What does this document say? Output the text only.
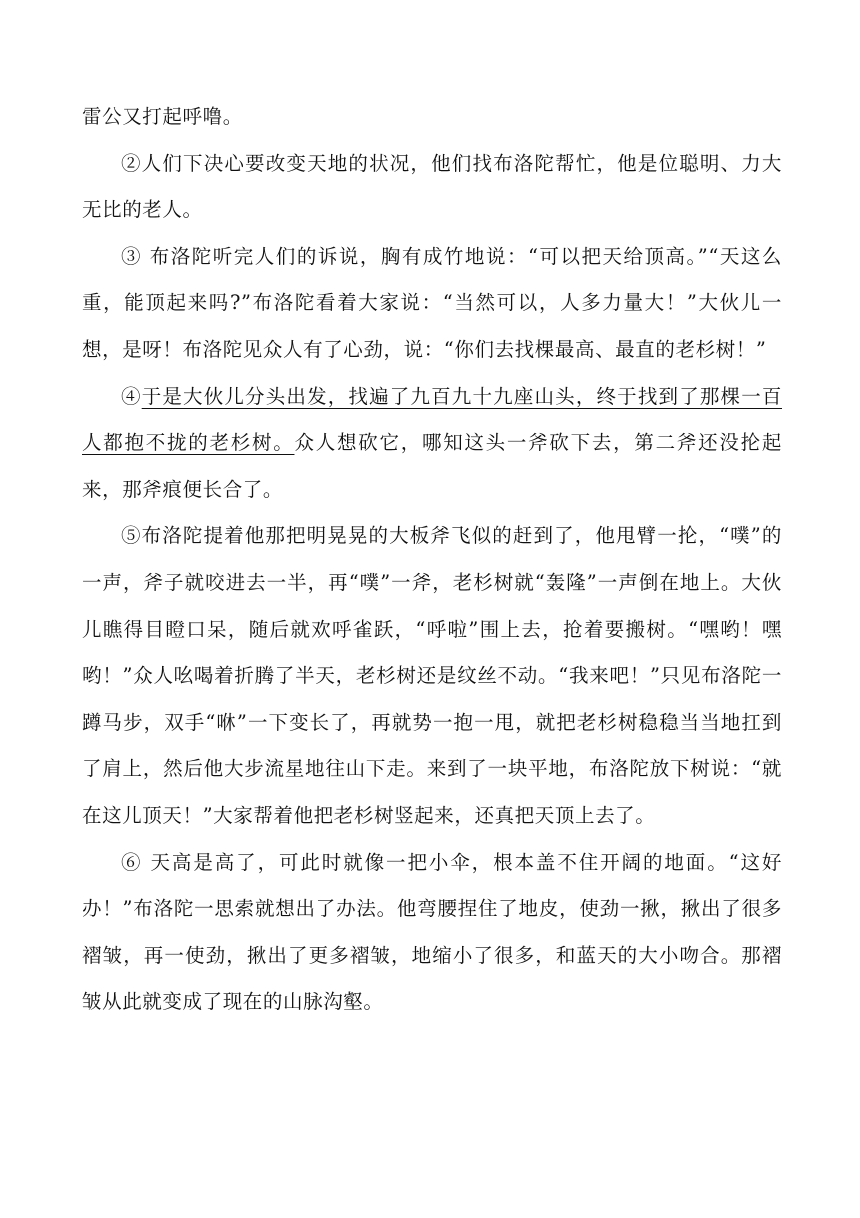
雷公又打起呼噜。

②人们下决心要改变天地的状况，他们找布洛陀帮忙，他是位聪明、力大无比的老人。

③ 布洛陀听完人们的诉说，胸有成竹地说：“可以把天给顶高。”“天这么重，能顶起来吗?”布洛陀看着大家说：“当然可以，人多力量大！”大伙儿一想，是呀！布洛陀见众人有了心劲，说：“你们去找棵最高、最直的老杉树！”

④于是大伙儿分头出发，找遍了九百九十九座山头，终于找到了那棵一百人都抱不拢的老杉树。众人想砍它，哪知这头一斧砍下去，第二斧还没抡起来，那斧痕便长合了。

⑤布洛陀提着他那把明晃晃的大板斧飞似的赶到了，他甩臂一抡，“噗”的一声，斧子就咬进去一半，再“噗”一斧，老杉树就“轰隆”一声倒在地上。大伙儿瞧得目瞪口呆，随后就欢呼雀跃，“呼啦”围上去，抢着要搬树。“嘿哟！嘿哟！”众人吆喝着折腾了半天，老杉树还是纹丝不动。“我来吧！”只见布洛陀一蹲马步，双手“咻”一下变长了，再就势一抱一甩，就把老杉树稳稳当当地扛到了肩上，然后他大步流星地往山下走。来到了一块平地，布洛陀放下树说：“就在这儿顶天！”大家帮着他把老杉树竖起来，还真把天顶上去了。

⑥ 天高是高了，可此时就像一把小伞，根本盖不住开阔的地面。“这好办！”布洛陀一思索就想出了办法。他弯腰捏住了地皮，使劲一揪，揪出了很多褶皱，再一使劲，揪出了更多褶皱，地缩小了很多，和蓝天的大小吻合。那褶皱从此就变成了现在的山脉沟壑。
